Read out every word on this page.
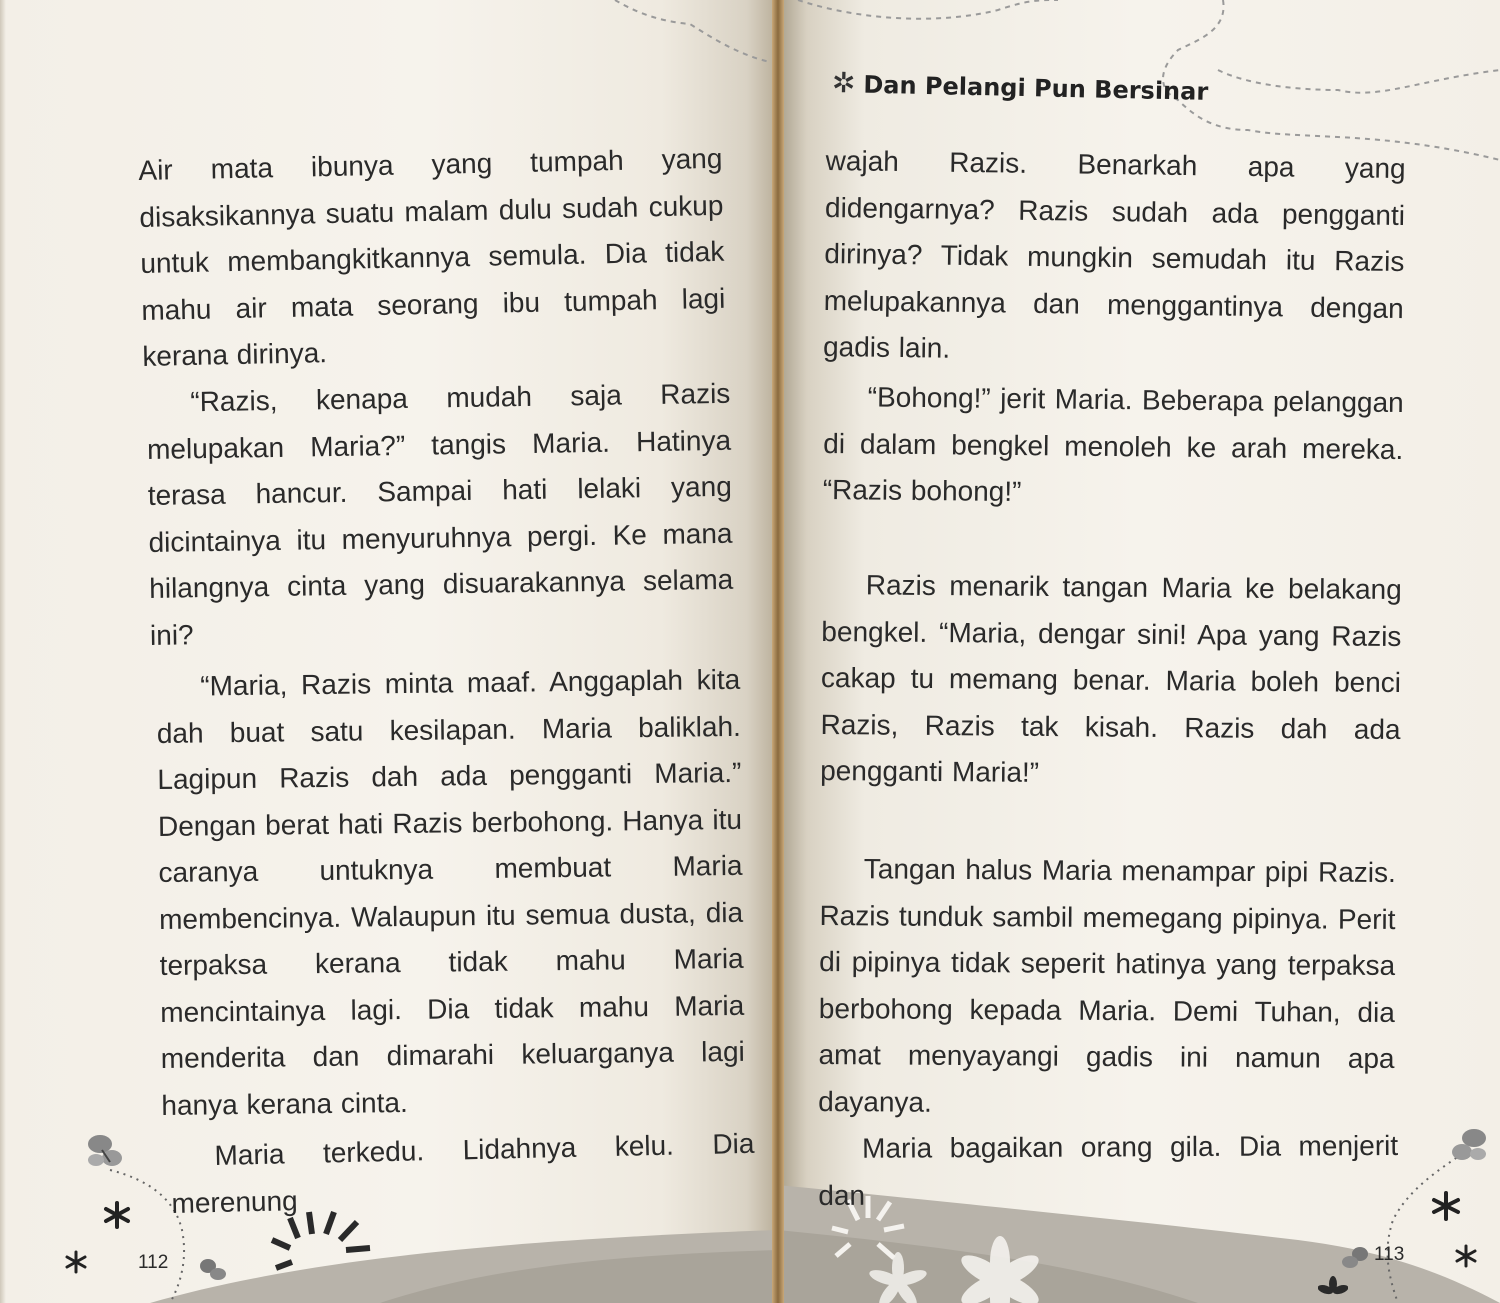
112

Air mata ibunya yang tumpah yang disaksikannya suatu malam dulu sudah cukup untuk membangkitkannya semula. Dia tidak mahu air mata seorang ibu tumpah lagi kerana dirinya.

“Razis, kenapa mudah saja Razis melupakan Maria?” tangis Maria. Hatinya terasa hancur. Sampai hati lelaki yang dicintainya itu menyuruhnya pergi. Ke mana hilangnya cinta yang disuarakannya selama ini?

“Maria, Razis minta maaf. Anggaplah kita dah buat satu kesilapan. Maria baliklah. Lagipun Razis dah ada pengganti Maria.” Dengan berat hati Razis berbohong. Hanya itu caranya untuknya membuat Maria membencinya. Walaupun itu semua dusta, dia terpaksa kerana tidak mahu Maria mencintainya lagi. Dia tidak mahu Maria menderita dan dimarahi keluarganya lagi hanya kerana cinta.

Maria terkedu. Lidahnya kelu. Dia merenung

✲ Dan Pelangi Pun Bersinar
113

wajah Razis. Benarkah apa yang didengarnya? Razis sudah ada pengganti dirinya? Tidak mungkin semudah itu Razis melupakannya dan menggantinya dengan gadis lain.

“Bohong!” jerit Maria. Beberapa pelanggan di dalam bengkel menoleh ke arah mereka. “Razis bohong!”

Razis menarik tangan Maria ke belakang bengkel. “Maria, dengar sini! Apa yang Razis cakap tu memang benar. Maria boleh benci Razis, Razis tak kisah. Razis dah ada pengganti Maria!”

Tangan halus Maria menampar pipi Razis. Razis tunduk sambil memegang pipinya. Perit di pipinya tidak seperit hatinya yang terpaksa berbohong kepada Maria. Demi Tuhan, dia amat menyayangi gadis ini namun apa dayanya.

Maria bagaikan orang gila. Dia menjerit dan
